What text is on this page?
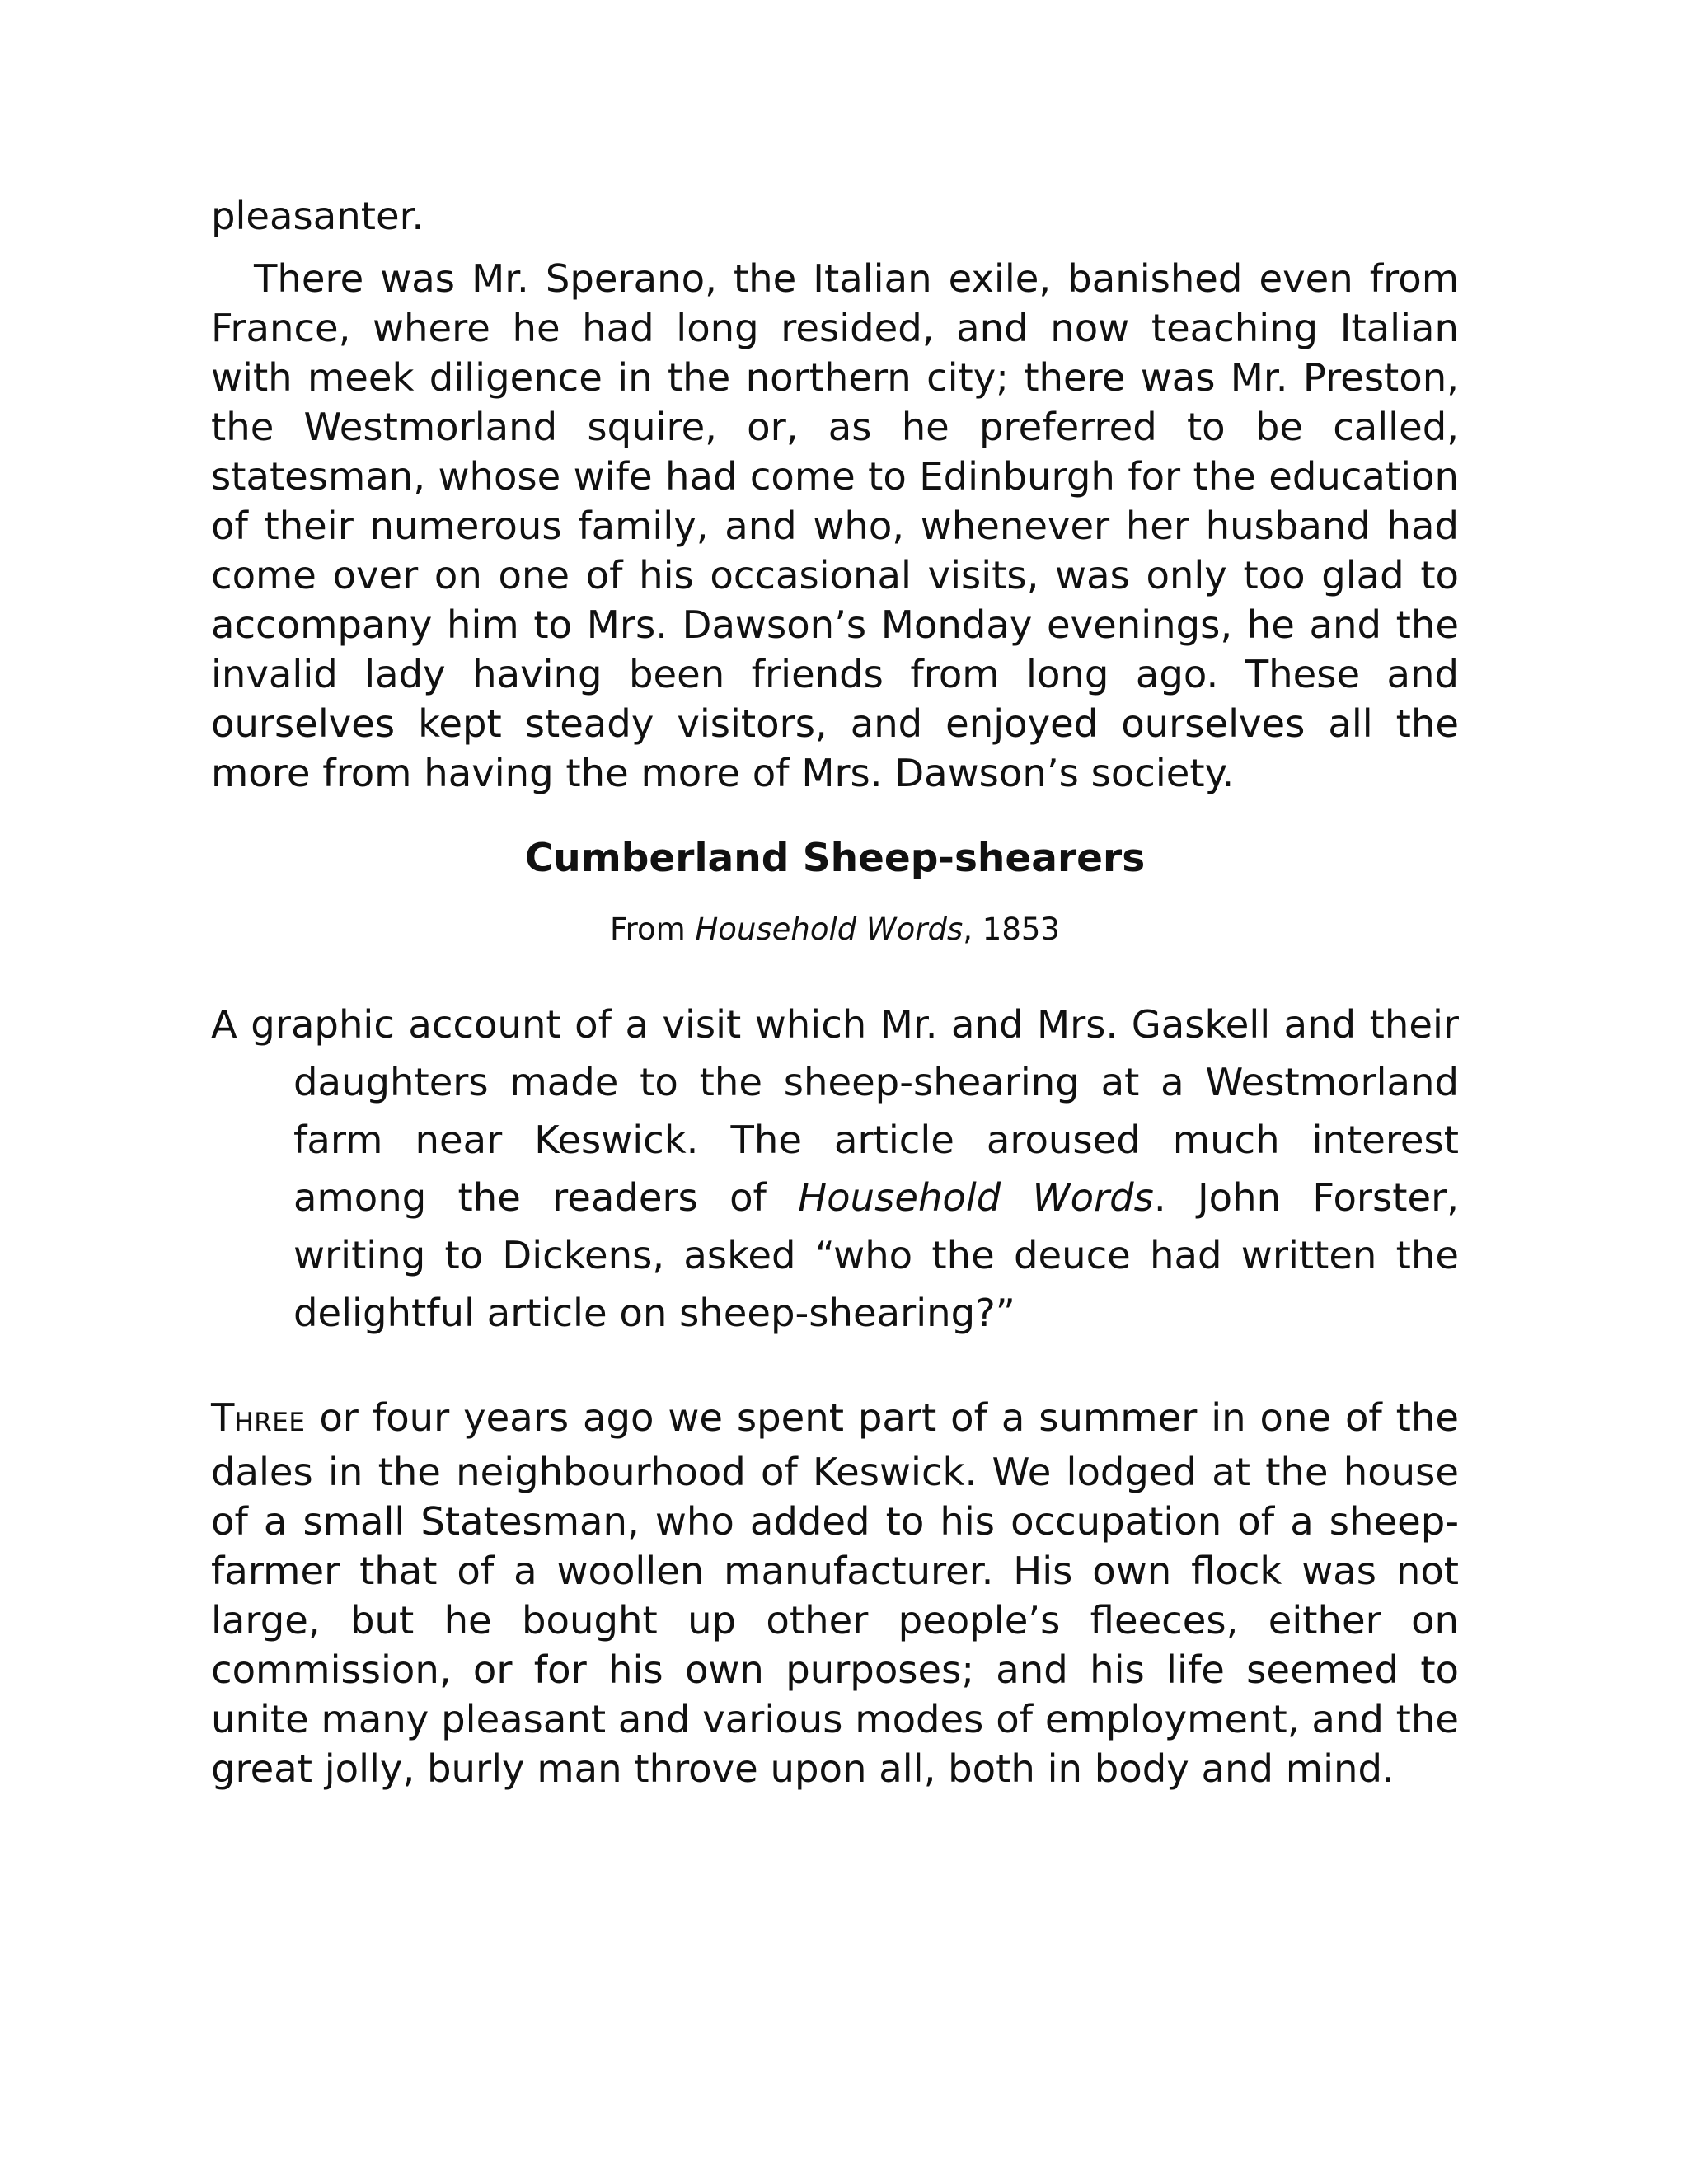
pleasanter.

There was Mr. Sperano, the Italian exile, banished even from France, where he had long resided, and now teaching Italian with meek diligence in the northern city; there was Mr. Preston, the Westmorland squire, or, as he preferred to be called, statesman, whose wife had come to Edinburgh for the education of their numerous family, and who, whenever her husband had come over on one of his occasional visits, was only too glad to accompany him to Mrs. Dawson’s Monday evenings, he and the invalid lady having been friends from long ago. These and ourselves kept steady visitors, and enjoyed ourselves all the more from having the more of Mrs. Dawson’s society.

Cumberland Sheep-shearers

From Household Words, 1853

A graphic account of a visit which Mr. and Mrs. Gaskell and their daughters made to the sheep-shearing at a Westmorland farm near Keswick. The article aroused much interest among the readers of Household Words. John Forster, writing to Dickens, asked “who the deuce had written the delightful article on sheep-shearing?”

THREE or four years ago we spent part of a summer in one of the dales in the neighbourhood of Keswick. We lodged at the house of a small Statesman, who added to his occupation of a sheep-farmer that of a woollen manufacturer. His own flock was not large, but he bought up other people’s fleeces, either on commission, or for his own purposes; and his life seemed to unite many pleasant and various modes of employment, and the great jolly, burly man throve upon all, both in body and mind.
